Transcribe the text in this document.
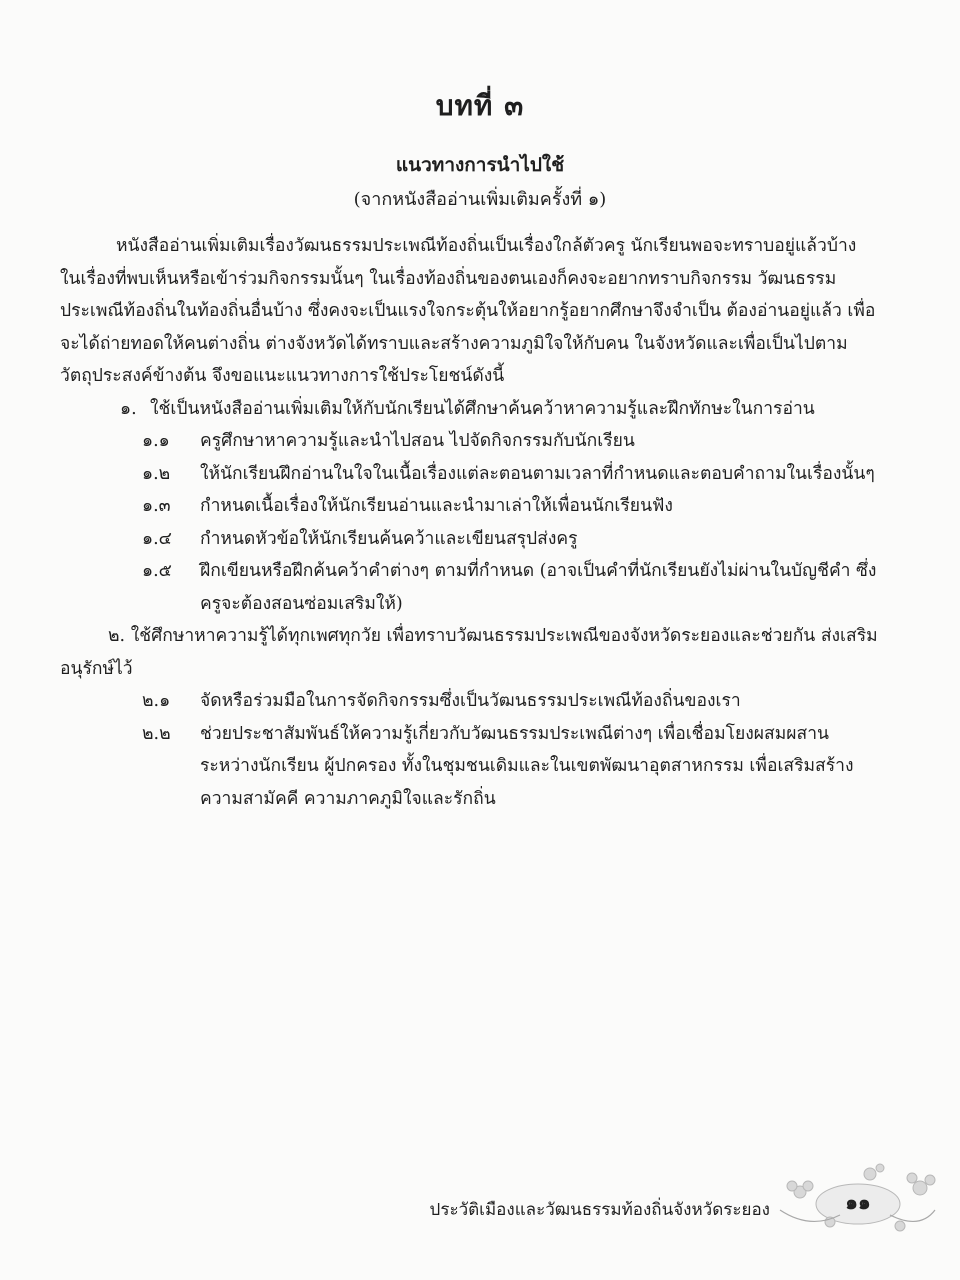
บทที่ ๓
แนวทางการนำไปใช้
(จากหนังสืออ่านเพิ่มเติมครั้งที่ ๑)

หนังสืออ่านเพิ่มเติมเรื่องวัฒนธรรมประเพณีท้องถิ่นเป็นเรื่องใกล้ตัวครู นักเรียนพอจะทราบอยู่แล้วบ้าง ในเรื่องที่พบเห็นหรือเข้าร่วมกิจกรรมนั้นๆ ในเรื่องท้องถิ่นของตนเองก็คงจะอยากทราบกิจกรรม วัฒนธรรมประเพณีท้องถิ่นในท้องถิ่นอื่นบ้าง ซึ่งคงจะเป็นแรงใจกระตุ้นให้อยากรู้อยากศึกษาจึงจำเป็น ต้องอ่านอยู่แล้ว เพื่อจะได้ถ่ายทอดให้คนต่างถิ่น ต่างจังหวัดได้ทราบและสร้างความภูมิใจให้กับคน ในจังหวัดและเพื่อเป็นไปตามวัตถุประสงค์ข้างต้น จึงขอแนะแนวทางการใช้ประโยชน์ดังนี้

๑. ใช้เป็นหนังสืออ่านเพิ่มเติมให้กับนักเรียนได้ศึกษาค้นคว้าหาความรู้และฝึกทักษะในการอ่าน
๑.๑	ครูศึกษาหาความรู้และนำไปสอน ไปจัดกิจกรรมกับนักเรียน
๑.๒	ให้นักเรียนฝึกอ่านในใจในเนื้อเรื่องแต่ละตอนตามเวลาที่กำหนดและตอบคำถามในเรื่องนั้นๆ
๑.๓	กำหนดเนื้อเรื่องให้นักเรียนอ่านและนำมาเล่าให้เพื่อนนักเรียนฟัง
๑.๔	กำหนดหัวข้อให้นักเรียนค้นคว้าและเขียนสรุปส่งครู
๑.๕	ฝึกเขียนหรือฝึกค้นคว้าคำต่างๆ ตามที่กำหนด (อาจเป็นคำที่นักเรียนยังไม่ผ่านในบัญชีคำ ซึ่งครูจะต้องสอนซ่อมเสริมให้)

๒. ใช้ศึกษาหาความรู้ได้ทุกเพศทุกวัย เพื่อทราบวัฒนธรรมประเพณีของจังหวัดระยองและช่วยกัน ส่งเสริมอนุรักษ์ไว้

๒.๑	จัดหรือร่วมมือในการจัดกิจกรรมซึ่งเป็นวัฒนธรรมประเพณีท้องถิ่นของเรา
๒.๒	ช่วยประชาสัมพันธ์ให้ความรู้เกี่ยวกับวัฒนธรรมประเพณีต่างๆ เพื่อเชื่อมโยงผสมผสาน ระหว่างนักเรียน ผู้ปกครอง ทั้งในชุมชนเดิมและในเขตพัฒนาอุตสาหกรรม เพื่อเสริมสร้างความสามัคคี ความภาคภูมิใจและรักถิ่น
ประวัติเมืองและวัฒนธรรมท้องถิ่นจังหวัดระยอง	๑๑
